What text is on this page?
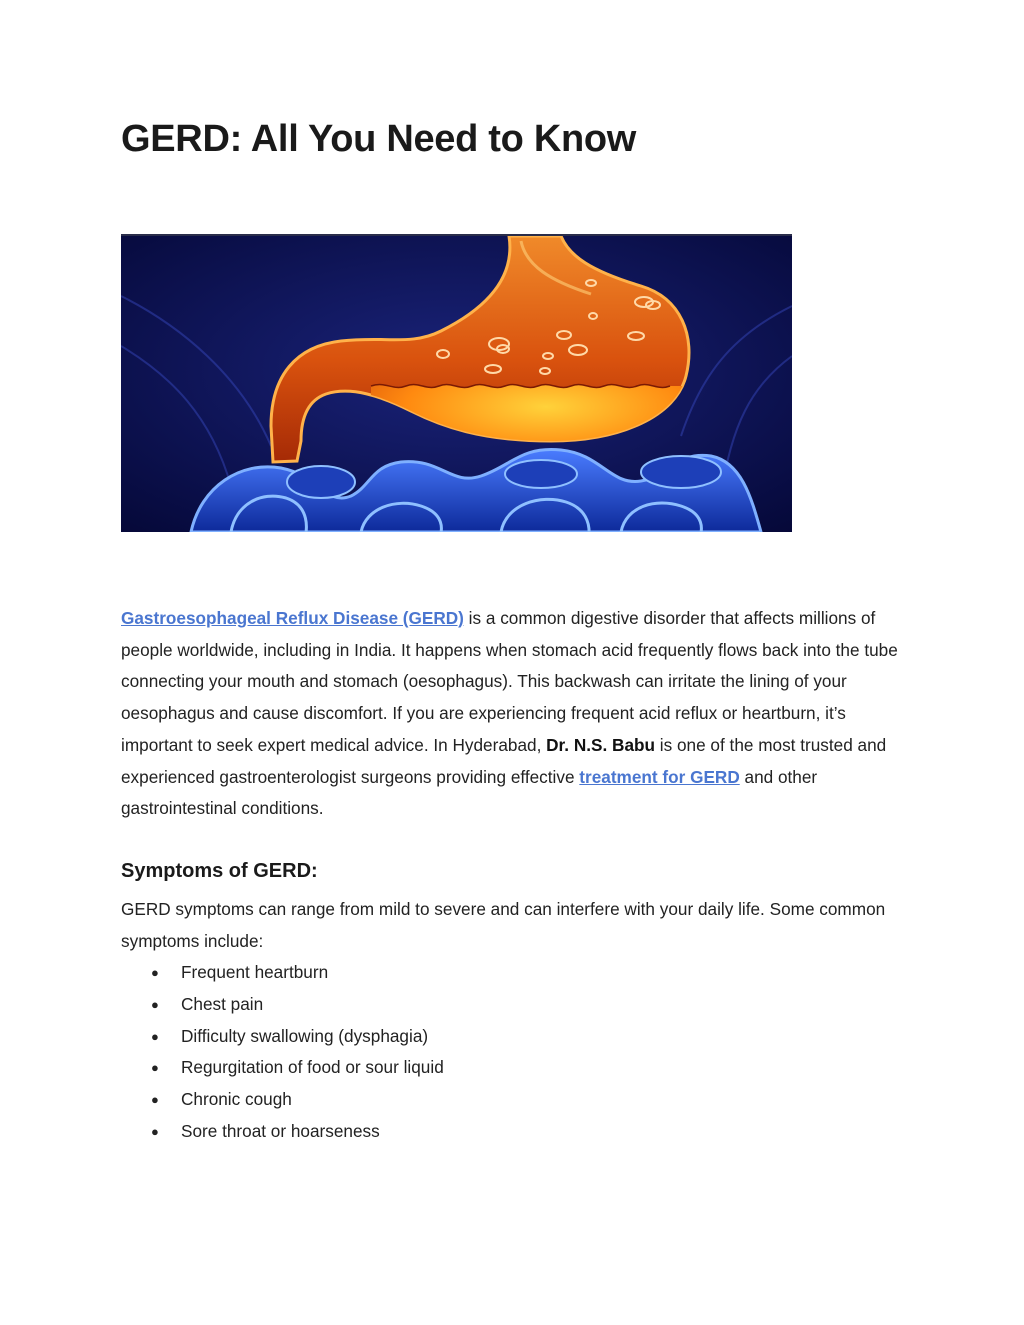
GERD: All You Need to Know

Gastroesophageal Reflux Disease (GERD) is a common digestive disorder that affects millions of people worldwide, including in India. It happens when stomach acid frequently flows back into the tube connecting your mouth and stomach (oesophagus). This backwash can irritate the lining of your oesophagus and cause discomfort. If you are experiencing frequent acid reflux or heartburn, it’s important to seek expert medical advice. In Hyderabad, Dr. N.S. Babu is one of the most trusted and experienced gastroenterologist surgeons providing effective treatment for GERD and other gastrointestinal conditions.

Symptoms of GERD:

GERD symptoms can range from mild to severe and can interfere with your daily life. Some common symptoms include:

● Frequent heartburn
● Chest pain
● Difficulty swallowing (dysphagia)
● Regurgitation of food or sour liquid
● Chronic cough
● Sore throat or hoarseness
